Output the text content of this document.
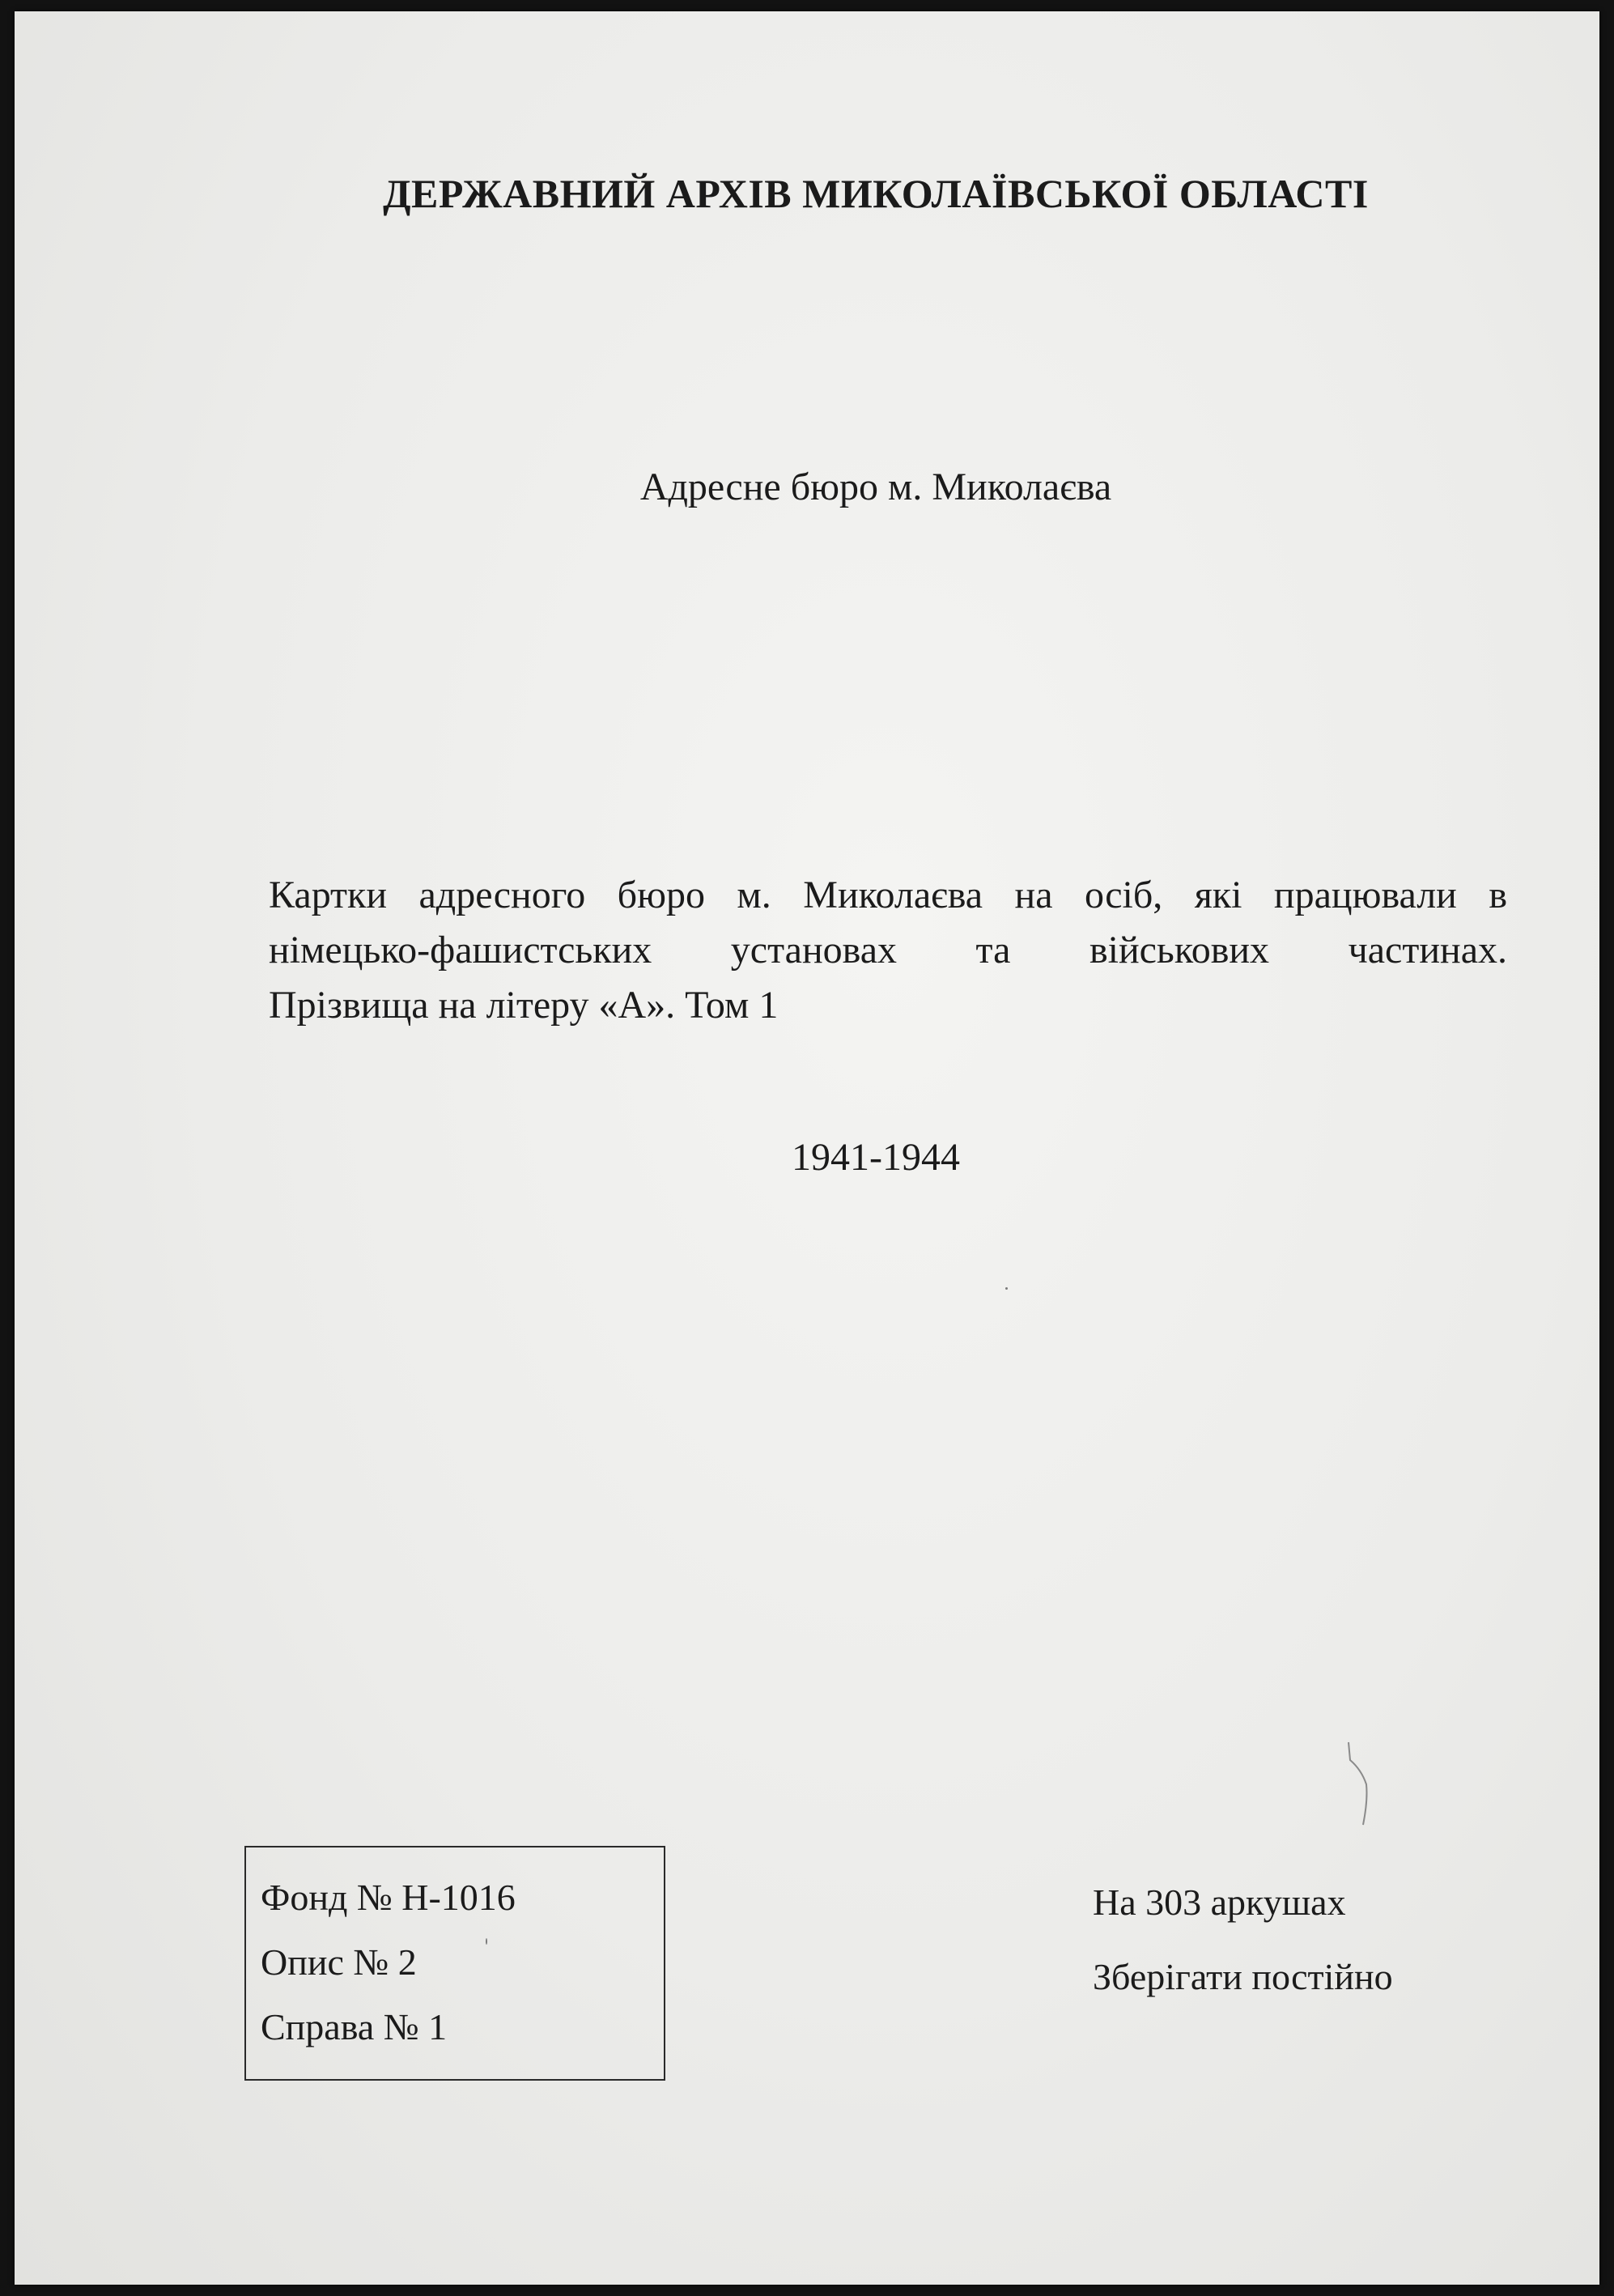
ДЕРЖАВНИЙ АРХІВ МИКОЛАЇВСЬКОЇ ОБЛАСТІ
Адресне бюро м. Миколаєва
Картки адресного бюро м. Миколаєва на осіб, які працювали в
німецько-фашистських установах та військових частинах.
Прізвища на літеру «А». Том 1
1941-1944
Фонд № Н-1016
Опис № 2
Справа № 1
На 303 аркушах
Зберігати постійно
